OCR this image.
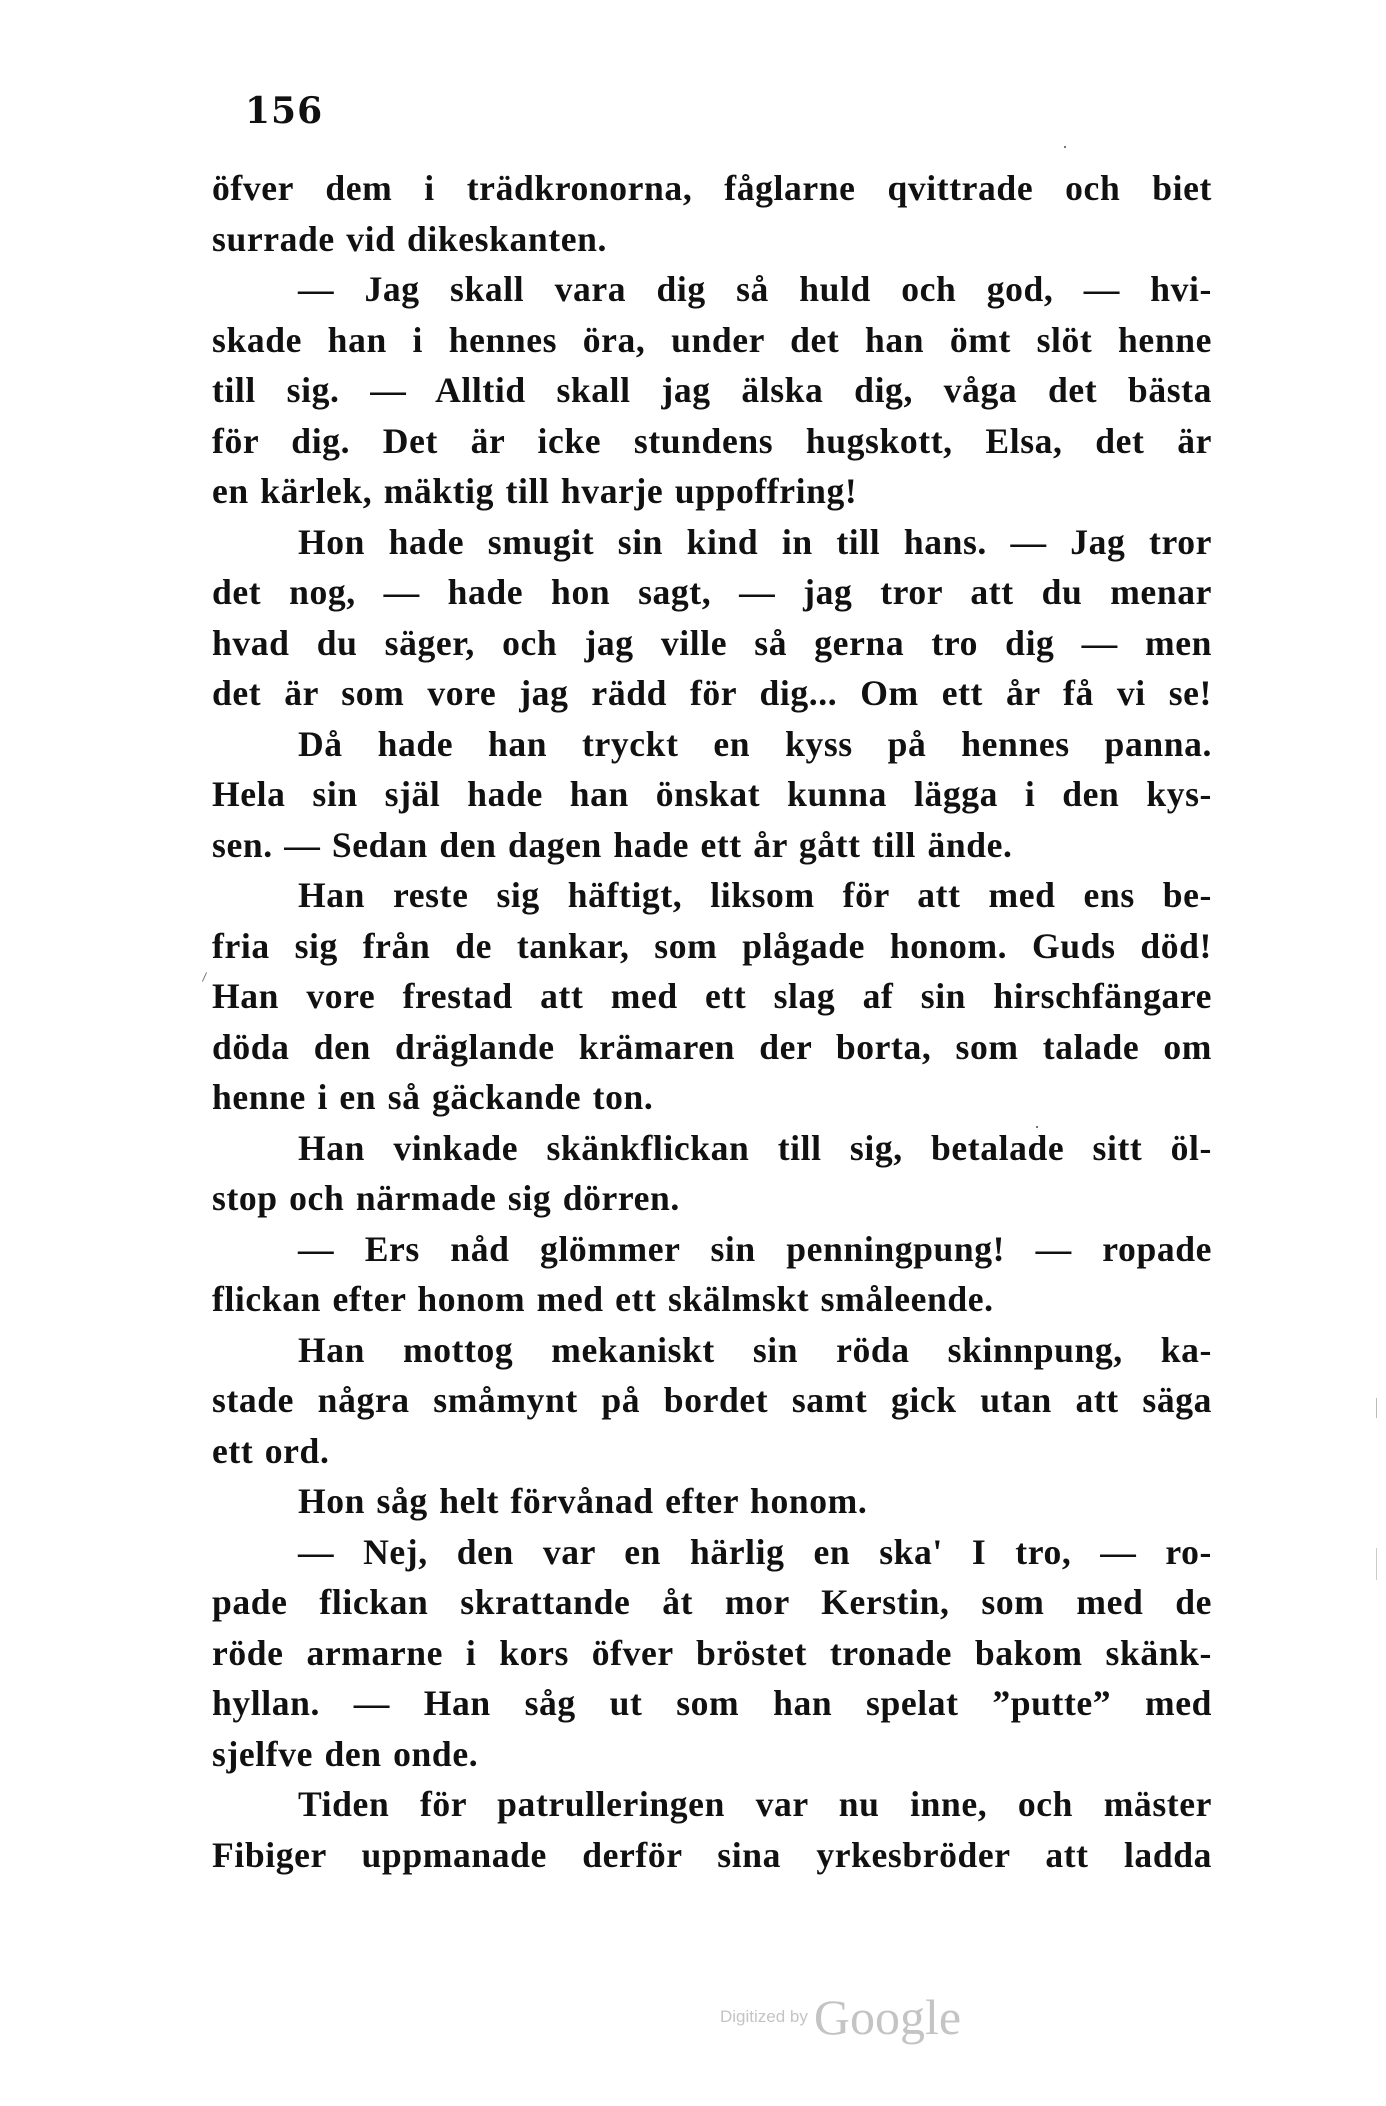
156
öfver dem i trädkronorna, fåglarne qvittrade och biet
surrade vid dikeskanten.
— Jag skall vara dig så huld och god, — hvi-
skade han i hennes öra, under det han ömt slöt henne
till sig. — Alltid skall jag älska dig, våga det bästa
för dig. Det är icke stundens hugskott, Elsa, det är
en kärlek, mäktig till hvarje uppoffring!
Hon hade smugit sin kind in till hans. — Jag tror
det nog, — hade hon sagt, — jag tror att du menar
hvad du säger, och jag ville så gerna tro dig — men
det är som vore jag rädd för dig... Om ett år få vi se!
Då hade han tryckt en kyss på hennes panna.
Hela sin själ hade han önskat kunna lägga i den kys-
sen. — Sedan den dagen hade ett år gått till ände.
Han reste sig häftigt, liksom för att med ens be-
fria sig från de tankar, som plågade honom. Guds död!
Han vore frestad att med ett slag af sin hirschfängare
döda den dräglande krämaren der borta, som talade om
henne i en så gäckande ton.
Han vinkade skänkflickan till sig, betalade sitt öl-
stop och närmade sig dörren.
— Ers nåd glömmer sin penningpung! — ropade
flickan efter honom med ett skälmskt småleende.
Han mottog mekaniskt sin röda skinnpung, ka-
stade några småmynt på bordet samt gick utan att säga
ett ord.
Hon såg helt förvånad efter honom.
— Nej, den var en härlig en ska' I tro, — ro-
pade flickan skrattande åt mor Kerstin, som med de
röde armarne i kors öfver bröstet tronade bakom skänk-
hyllan. — Han såg ut som han spelat ”putte” med
sjelfve den onde.
Tiden för patrulleringen var nu inne, och mäster
Fibiger uppmanade derför sina yrkesbröder att ladda
Digitized by Google
